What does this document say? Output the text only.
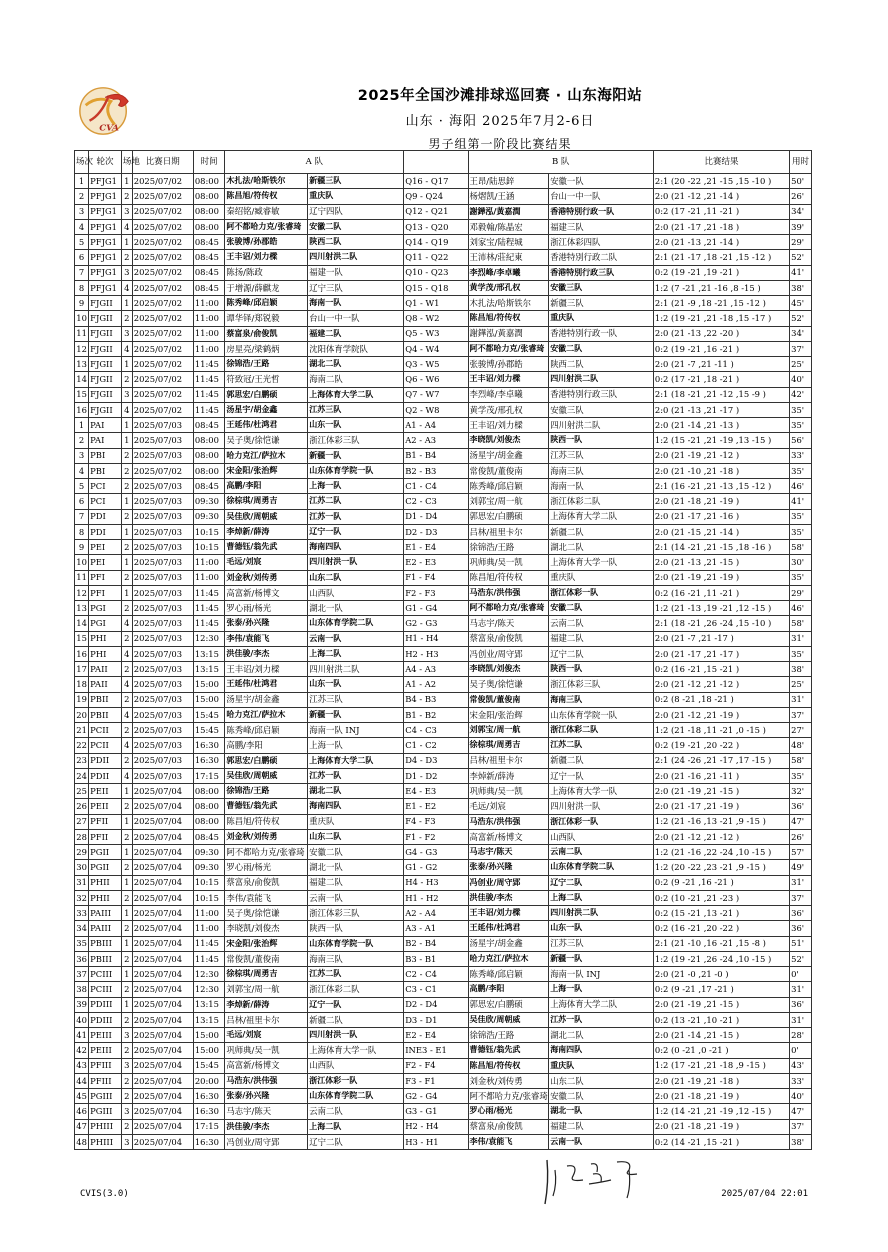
CVA
2025年全国沙滩排球巡回赛 · 山东海阳站
山东 · 海阳 2025年7月2-6日
男子组第一阶段比赛结果
场次	轮次	场地	比赛日期	时间	A 队			B 队		比赛结果	用时
1	PFJG1	1	2025/07/02	08:00	木扎法/哈斯铁尔	新疆三队	Q16 - Q17	王昂/陆思鋅	安徽一队	2:1 (20 -22 ,21 -15 ,15 -10 )	50'
2	PFJG1	2	2025/07/02	08:00	陈昌旭/符传权	重庆队	Q9 - Q24	杨熠凯/王涵	台山一中一队	2:0 (21 -12 ,21 -14 )	26'
3	PFJG1	3	2025/07/02	08:00	秦绍铭/臧睿敏	辽宁四队	Q12 - Q21	謝鏵泓/黃嘉潤	香港特別行政一队	0:2 (17 -21 ,11 -21 )	34'
4	PFJG1	4	2025/07/02	08:00	阿不都哈力克/张睿琦	安徽二队	Q13 - Q20	邓毅翰/陈晶宏	福建三队	2:0 (21 -17 ,21 -18 )	39'
5	PFJG1	1	2025/07/02	08:45	张骏博/孙郡皓	陕西二队	Q14 - Q19	刘家宝/陆程城	浙江体彩四队	2:0 (21 -13 ,21 -14 )	29'
6	PFJG1	2	2025/07/02	08:45	王丰诏/刘力樑	四川射洪二队	Q11 - Q22	王沛林/莊紀東	香港特別行政二队	2:1 (21 -17 ,18 -21 ,15 -12 )	52'
7	PFJG1	3	2025/07/02	08:45	陈扬/陈政	福建一队	Q10 - Q23	李烈峰/李卓曦	香港特別行政三队	0:2 (19 -21 ,19 -21 )	41'
8	PFJG1	4	2025/07/02	08:45	于增源/薛麒龙	辽宁三队	Q15 - Q18	黄学茂/邢孔权	安徽三队	1:2 (7 -21 ,21 -16 ,8 -15 )	38'
9	FJGII	1	2025/07/02	11:00	陈秀峰/邱启颖	海南一队	Q1 - W1	木扎法/哈斯铁尔	新疆三队	2:1 (21 -9 ,18 -21 ,15 -12 )	45'
10	FJGII	2	2025/07/02	11:00	谭华铎/郑锐毅	台山一中一队	Q8 - W2	陈昌旭/符传权	重庆队	1:2 (19 -21 ,21 -18 ,15 -17 )	52'
11	FJGII	3	2025/07/02	11:00	蔡富泉/俞俊凯	福建二队	Q5 - W3	謝鏵泓/黃嘉潤	香港特別行政一队	2:0 (21 -13 ,22 -20 )	34'
12	FJGII	4	2025/07/02	11:00	房星亮/梁鹤炳	沈阳体育学院队	Q4 - W4	阿不都哈力克/张睿琦	安徽二队	0:2 (19 -21 ,16 -21 )	37'
13	FJGII	1	2025/07/02	11:45	徐锦浩/王路	湖北二队	Q3 - W5	张骏博/孙郡皓	陕西二队	2:0 (21 -7 ,21 -11 )	25'
14	FJGII	2	2025/07/02	11:45	符致冠/王光哲	海南二队	Q6 - W6	王丰诏/刘力樑	四川射洪二队	0:2 (17 -21 ,18 -21 )	40'
15	FJGII	3	2025/07/02	11:45	郭思宏/白鹏硕	上海体育大学二队	Q7 - W7	李烈峰/李卓曦	香港特別行政三队	2:1 (18 -21 ,21 -12 ,15 -9 )	42'
16	FJGII	4	2025/07/02	11:45	汤星宇/胡金鑫	江苏三队	Q2 - W8	黄学茂/邢孔权	安徽三队	2:0 (21 -13 ,21 -17 )	35'
1	PAI	1	2025/07/03	08:45	王延伟/杜鸿君	山东一队	A1 - A4	王丰诏/刘力樑	四川射洪二队	2:0 (21 -14 ,21 -13 )	35'
2	PAI	1	2025/07/03	08:00	吴子奥/徐恺谦	浙江体彩三队	A2 - A3	李晓凯/刘俊杰	陕西一队	1:2 (15 -21 ,21 -19 ,13 -15 )	56'
3	PBI	2	2025/07/03	08:00	哈力克江/萨拉木	新疆一队	B1 - B4	汤星宇/胡金鑫	江苏三队	2:0 (21 -19 ,21 -12 )	33'
4	PBI	2	2025/07/02	08:00	宋金阳/张治辉	山东体育学院一队	B2 - B3	常俊凯/董俊南	海南三队	2:0 (21 -10 ,21 -18 )	35'
5	PCI	2	2025/07/03	08:45	高鹏/李阳	上海一队	C1 - C4	陈秀峰/邱启颖	海南一队	2:1 (16 -21 ,21 -13 ,15 -12 )	46'
6	PCI	1	2025/07/03	09:30	徐棕琪/周勇吉	江苏二队	C2 - C3	刘郭宝/周一航	浙江体彩二队	2:0 (21 -18 ,21 -19 )	41'
7	PDI	2	2025/07/03	09:30	吴佳欣/周朝威	江苏一队	D1 - D4	郭思宏/白鹏硕	上海体育大学二队	2:0 (21 -17 ,21 -16 )	35'
8	PDI	1	2025/07/03	10:15	李焯新/薛涛	辽宁一队	D2 - D3	吕林/祖里卡尔	新疆二队	2:0 (21 -15 ,21 -14 )	35'
9	PEI	2	2025/07/03	10:15	曹德钰/翁先武	海南四队	E1 - E4	徐锦浩/王路	湖北二队	2:1 (14 -21 ,21 -15 ,18 -16 )	58'
10	PEI	1	2025/07/03	11:00	毛远/刘宸	四川射洪一队	E2 - E3	巩师典/吴一凯	上海体育大学一队	2:0 (21 -13 ,21 -15 )	30'
11	PFI	2	2025/07/03	11:00	刘金秋/刘传勇	山东二队	F1 - F4	陈昌旭/符传权	重庆队	2:0 (21 -19 ,21 -19 )	35'
12	PFI	1	2025/07/03	11:45	高富新/杨博文	山西队	F2 - F3	马浩东/洪伟强	浙江体彩一队	0:2 (16 -21 ,11 -21 )	29'
13	PGI	2	2025/07/03	11:45	罗心雨/杨光	湖北一队	G1 - G4	阿不都哈力克/张睿琦	安徽二队	1:2 (21 -13 ,19 -21 ,12 -15 )	46'
14	PGI	4	2025/07/03	11:45	张泰/孙兴隆	山东体育学院二队	G2 - G3	马志宇/陈天	云南二队	2:1 (18 -21 ,26 -24 ,15 -10 )	58'
15	PHI	2	2025/07/03	12:30	李伟/袁能飞	云南一队	H1 - H4	蔡富泉/俞俊凯	福建二队	2:0 (21 -7 ,21 -17 )	31'
16	PHI	4	2025/07/03	13:15	洪佳骏/李杰	上海二队	H2 - H3	冯创业/周守郢	辽宁二队	2:0 (21 -17 ,21 -17 )	35'
17	PAII	2	2025/07/03	13:15	王丰诏/刘力樑	四川射洪二队	A4 - A3	李晓凯/刘俊杰	陕西一队	0:2 (16 -21 ,15 -21 )	38'
18	PAII	4	2025/07/03	15:00	王延伟/杜鸿君	山东一队	A1 - A2	吴子奥/徐恺谦	浙江体彩三队	2:0 (21 -12 ,21 -12 )	25'
19	PBII	2	2025/07/03	15:00	汤星宇/胡金鑫	江苏三队	B4 - B3	常俊凯/董俊南	海南三队	0:2 (8 -21 ,18 -21 )	31'
20	PBII	4	2025/07/03	15:45	哈力克江/萨拉木	新疆一队	B1 - B2	宋金阳/张治辉	山东体育学院一队	2:0 (21 -12 ,21 -19 )	37'
21	PCII	2	2025/07/03	15:45	陈秀峰/邱启颖	海南一队 INJ	C4 - C3	刘郭宝/周一航	浙江体彩二队	1:2 (21 -18 ,11 -21 ,0 -15 )	27'
22	PCII	4	2025/07/03	16:30	高鹏/李阳	上海一队	C1 - C2	徐棕琪/周勇吉	江苏二队	0:2 (19 -21 ,20 -22 )	48'
23	PDII	2	2025/07/03	16:30	郭思宏/白鹏硕	上海体育大学二队	D4 - D3	吕林/祖里卡尔	新疆二队	2:1 (24 -26 ,21 -17 ,17 -15 )	58'
24	PDII	4	2025/07/03	17:15	吴佳欣/周朝威	江苏一队	D1 - D2	李焯新/薛涛	辽宁一队	2:0 (21 -16 ,21 -11 )	35'
25	PEII	1	2025/07/04	08:00	徐锦浩/王路	湖北二队	E4 - E3	巩师典/吴一凯	上海体育大学一队	2:0 (21 -19 ,21 -15 )	32'
26	PEII	2	2025/07/04	08:00	曹德钰/翁先武	海南四队	E1 - E2	毛远/刘宸	四川射洪一队	2:0 (21 -17 ,21 -19 )	36'
27	PFII	1	2025/07/04	08:00	陈昌旭/符传权	重庆队	F4 - F3	马浩东/洪伟强	浙江体彩一队	1:2 (21 -16 ,13 -21 ,9 -15 )	47'
28	PFII	2	2025/07/04	08:45	刘金秋/刘传勇	山东二队	F1 - F2	高富新/杨博文	山西队	2:0 (21 -12 ,21 -12 )	26'
29	PGII	1	2025/07/04	09:30	阿不都哈力克/张睿琦	安徽二队	G4 - G3	马志宇/陈天	云南二队	1:2 (21 -16 ,22 -24 ,10 -15 )	57'
30	PGII	2	2025/07/04	09:30	罗心雨/杨光	湖北一队	G1 - G2	张泰/孙兴隆	山东体育学院二队	1:2 (20 -22 ,23 -21 ,9 -15 )	49'
31	PHII	1	2025/07/04	10:15	蔡富泉/俞俊凯	福建二队	H4 - H3	冯创业/周守郢	辽宁二队	0:2 (9 -21 ,16 -21 )	31'
32	PHII	2	2025/07/04	10:15	李伟/袁能飞	云南一队	H1 - H2	洪佳骏/李杰	上海二队	0:2 (10 -21 ,21 -23 )	37'
33	PAIII	1	2025/07/04	11:00	吴子奥/徐恺谦	浙江体彩三队	A2 - A4	王丰诏/刘力樑	四川射洪二队	0:2 (15 -21 ,13 -21 )	36'
34	PAIII	2	2025/07/04	11:00	李晓凯/刘俊杰	陕西一队	A3 - A1	王延伟/杜鸿君	山东一队	0:2 (16 -21 ,20 -22 )	36'
35	PBIII	1	2025/07/04	11:45	宋金阳/张治辉	山东体育学院一队	B2 - B4	汤星宇/胡金鑫	江苏三队	2:1 (21 -10 ,16 -21 ,15 -8 )	51'
36	PBIII	2	2025/07/04	11:45	常俊凯/董俊南	海南三队	B3 - B1	哈力克江/萨拉木	新疆一队	1:2 (19 -21 ,26 -24 ,10 -15 )	52'
37	PCIII	1	2025/07/04	12:30	徐棕琪/周勇吉	江苏二队	C2 - C4	陈秀峰/邱启颖	海南一队 INJ	2:0 (21 -0 ,21 -0 )	0'
38	PCIII	2	2025/07/04	12:30	刘郭宝/周一航	浙江体彩二队	C3 - C1	高鹏/李阳	上海一队	0:2 (9 -21 ,17 -21 )	31'
39	PDIII	1	2025/07/04	13:15	李焯新/薛涛	辽宁一队	D2 - D4	郭思宏/白鹏硕	上海体育大学二队	2:0 (21 -19 ,21 -15 )	36'
40	PDIII	2	2025/07/04	13:15	吕林/祖里卡尔	新疆二队	D3 - D1	吴佳欣/周朝威	江苏一队	0:2 (13 -21 ,10 -21 )	31'
41	PEIII	3	2025/07/04	15:00	毛远/刘宸	四川射洪一队	E2 - E4	徐锦浩/王路	湖北二队	2:0 (21 -14 ,21 -15 )	28'
42	PEIII	2	2025/07/04	15:00	巩师典/吴一凯	上海体育大学一队	INE3 - E1	曹德钰/翁先武	海南四队	0:2 (0 -21 ,0 -21 )	0'
43	PFIII	3	2025/07/04	15:45	高富新/杨博文	山西队	F2 - F4	陈昌旭/符传权	重庆队	1:2 (17 -21 ,21 -18 ,9 -15 )	43'
44	PFIII	2	2025/07/04	20:00	马浩东/洪伟强	浙江体彩一队	F3 - F1	刘金秋/刘传勇	山东二队	2:0 (21 -19 ,21 -18 )	33'
45	PGIII	2	2025/07/04	16:30	张泰/孙兴隆	山东体育学院二队	G2 - G4	阿不都哈力克/张睿琦	安徽二队	2:0 (21 -18 ,21 -19 )	40'
46	PGIII	3	2025/07/04	16:30	马志宇/陈天	云南二队	G3 - G1	罗心雨/杨光	湖北一队	1:2 (14 -21 ,21 -19 ,12 -15 )	47'
47	PHIII	2	2025/07/04	17:15	洪佳骏/李杰	上海二队	H2 - H4	蔡富泉/俞俊凯	福建二队	2:0 (21 -18 ,21 -19 )	37'
48	PHIII	3	2025/07/04	16:30	冯创业/周守郢	辽宁二队	H3 - H1	李伟/袁能飞	云南一队	0:2 (14 -21 ,15 -21 )	38'
CVIS(3.0)	2025/07/04 22:01
